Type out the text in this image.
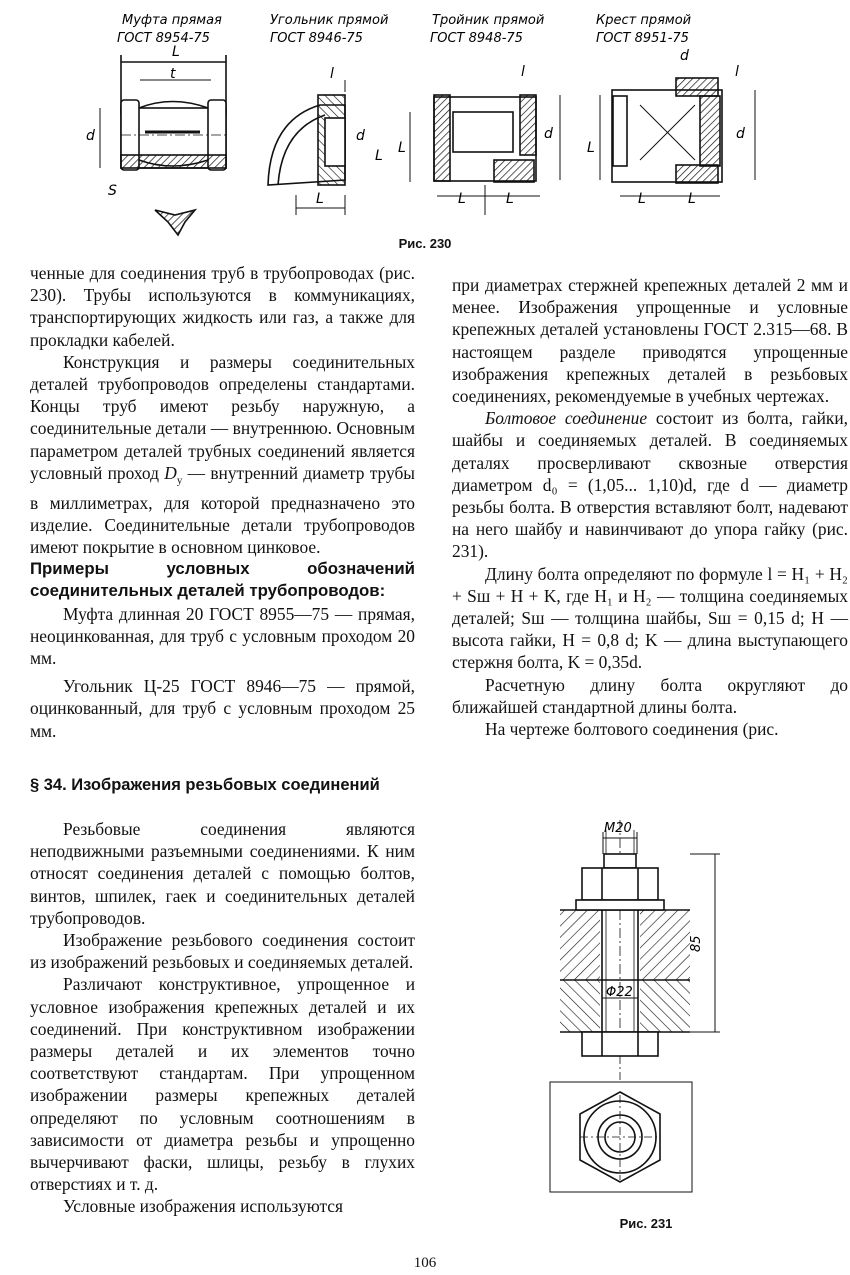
Муфта прямая
ГОСТ 8954-75
Угольник прямой
ГОСТ 8946-75
Тройник прямой
ГОСТ 8948-75
Крест прямой
ГОСТ 8951-75
L
t
d
S	L
l
d
L
L	L
l
d
L
L	L
d
l
d
L
Рис. 230

ченные для соединения труб в трубопроводах (рис. 230). Трубы используются в коммуникациях, транспортирующих жидкость или газ, а также для прокладки кабелей.

Конструкция и размеры соединительных деталей трубопроводов определены стандартами. Концы труб имеют резьбу наружную, а соединительные детали — внутреннюю. Основным параметром деталей трубных соединений является условный проход $D_у$ — внутренний диаметр трубы в миллиметрах, для которой предназначено это изделие. Соединительные детали трубопроводов имеют покрытие в основном цинковое.

Примеры условных обозначений соединительных деталей трубопроводов:

Муфта длинная 20 ГОСТ 8955—75 — прямая, неоцинкованная, для труб с условным проходом 20 мм.

Угольник Ц-25 ГОСТ 8946—75 — прямой, оцинкованный, для труб с условным проходом 25 мм.

§ 34. Изображения резьбовых соединений

Резьбовые соединения являются неподвижными разъемными соединениями. К ним относят соединения деталей с помощью болтов, винтов, шпилек, гаек и соединительных деталей трубопроводов.

Изображение резьбового соединения состоит из изображений резьбовых и соединяемых деталей.

Различают конструктивное, упрощенное и условное изображения крепежных деталей и их соединений. При конструктивном изображении размеры деталей и их элементов точно соответствуют стандартам. При упрощенном изображении размеры крепежных деталей определяют по условным соотношениям в зависимости от диаметра резьбы и упрощенно вычерчивают фаски, шлицы, резьбу в глухих отверстиях и т. д.

Условные изображения используются

при диаметрах стержней крепежных деталей 2 мм и менее. Изображения упрощенные и условные крепежных деталей установлены ГОСТ 2.315—68. В настоящем разделе приводятся упрощенные изображения крепежных деталей в резьбовых соединениях, рекомендуемые в учебных чертежах.

Болтовое соединение состоит из болта, гайки, шайбы и соединяемых деталей. В соединяемых деталях просверливают сквозные отверстия диаметром d₀ = (1,05... 1,10)d, где d — диаметр резьбы болта. В отверстия вставляют болт, надевают на него шайбу и навинчивают до упора гайку (рис. 231).

Длину болта определяют по формуле l = H₁ + H₂ + Sш + H + K, где H₁ и H₂ — толщина соединяемых деталей; Sш — толщина шайбы, Sш = 0,15 d; H — высота гайки, H = 0,8 d; K — длина выступающего стержня болта, K = 0,35d.

Расчетную длину болта округляют до ближайшей стандартной длины болта.

На чертеже болтового соединения (рис.

M20
85
Φ22
Рис. 231
106
